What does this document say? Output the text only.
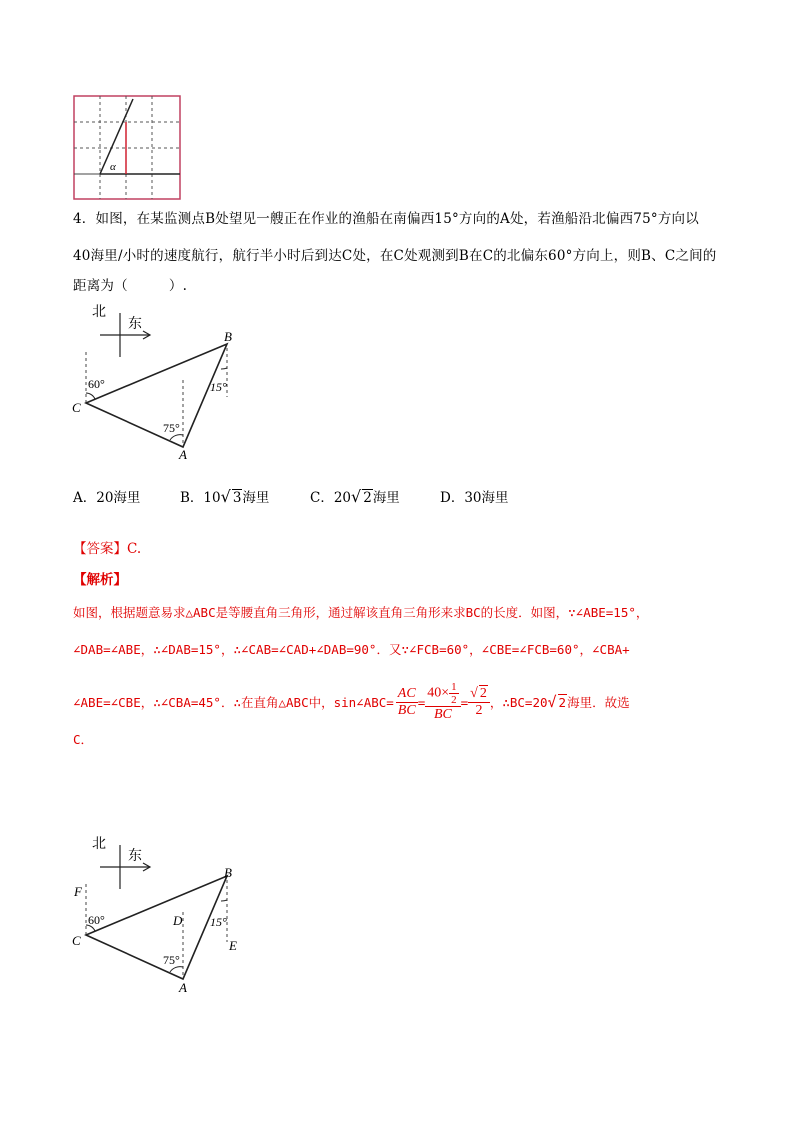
α
4．如图，在某监测点B处望见一艘正在作业的渔船在南偏西15°方向的A处，若渔船沿北偏西75°方向以
40海里/小时的速度航行，航行半小时后到达C处，在C处观测到B在C的北偏东60°方向上，则B、C之间的
距离为（　　　）.
北
东
60°
75°
15°
B
C
A
A．20海里	B．10√ 3海里	C．20√ 2海里	D．30海里
【答案】C.
【解析】
如图，根据题意易求△ABC是等腰直角三角形，通过解该直角三角形来求BC的长度．如图，∵∠ABE=15°，
∠DAB=∠ABE，∴∠DAB=15°，∴∠CAB=∠CAD+∠DAB=90°．又∵∠FCB=60°，∠CBE=∠FCB=60°，∠CBA+
∠ABE=∠CBE，∴∠CBA=45°．∴在直角△ABC中，sin∠ABC= $\frac{AC}{BC} = \frac{40\times \frac{1}{2}}{BC} = \frac{√ 2}{2}$ ，∴BC=20 √ 2 海里．故选
C．
北
东
60°
75°
15°
B
C
A
F
D
E
